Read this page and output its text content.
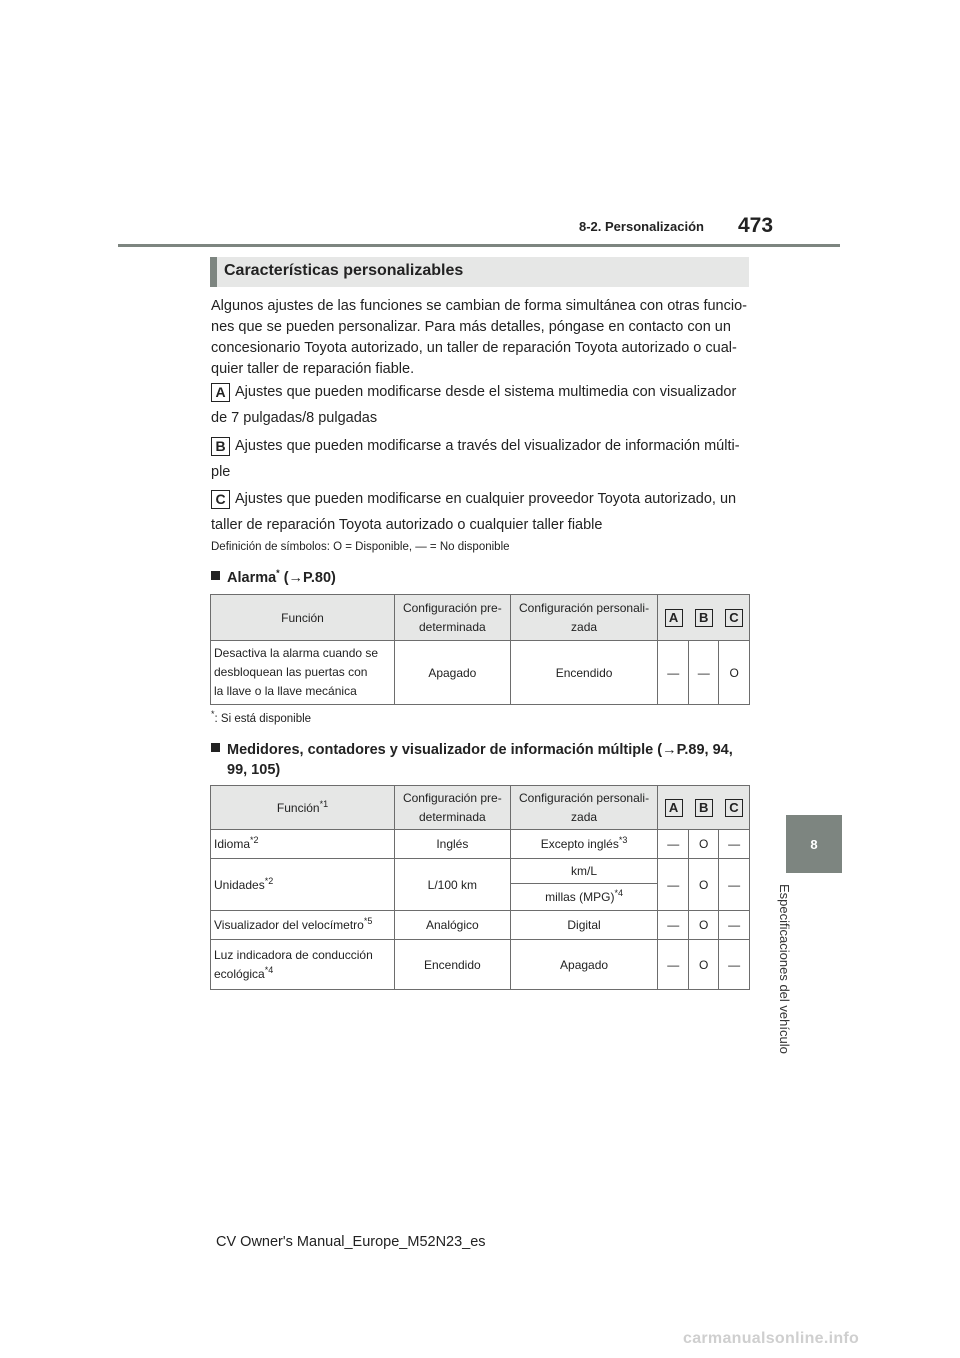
8-2. Personalización 473
8
Especificaciones del vehículo
Características personalizables
Algunos ajustes de las funciones se cambian de forma simultánea con otras funcio-nes que se pueden personalizar. Para más detalles, póngase en contacto con un concesionario Toyota autorizado, un taller de reparación Toyota autorizado o cual-quier taller de reparación fiable.
A Ajustes que pueden modificarse desde el sistema multimedia con visualizador
de 7 pulgadas/8 pulgadas
B Ajustes que pueden modificarse a través del visualizador de información múlti-
ple
C Ajustes que pueden modificarse en cualquier proveedor Toyota autorizado, un
taller de reparación Toyota autorizado o cualquier taller fiable
Definición de símbolos: O = Disponible, ― = No disponible
Alarma* (→P.80)
Función	Configuración pre-
determinada	Configuración personali-
zada	A	B	C
Desactiva la alarma cuando se
desbloquean las puertas con
la llave o la llave mecánica	Apagado	Encendido	―	―	O
*: Si está disponible
Medidores, contadores y visualizador de información múltiple (→P.89, 94,
99, 105)
Función$^{*1}$	Configuración pre-
determinada	Configuración personali-
zada	A	B	C
Idioma$^{*2}$	Inglés	Excepto inglés$^{*3}$	―	O	―
Unidades$^{*2}$	L/100 km	km/L	―	O	―
		millas (MPG)$^{*4}$
Visualizador del velocímetro$^{*5}$	Analógico	Digital	―	O	―
Luz indicadora de conducción
ecológica$^{*4}$	Encendido	Apagado	―	O	―
CV Owner's Manual_Europe_M52N23_es
carmanualsonline.info
